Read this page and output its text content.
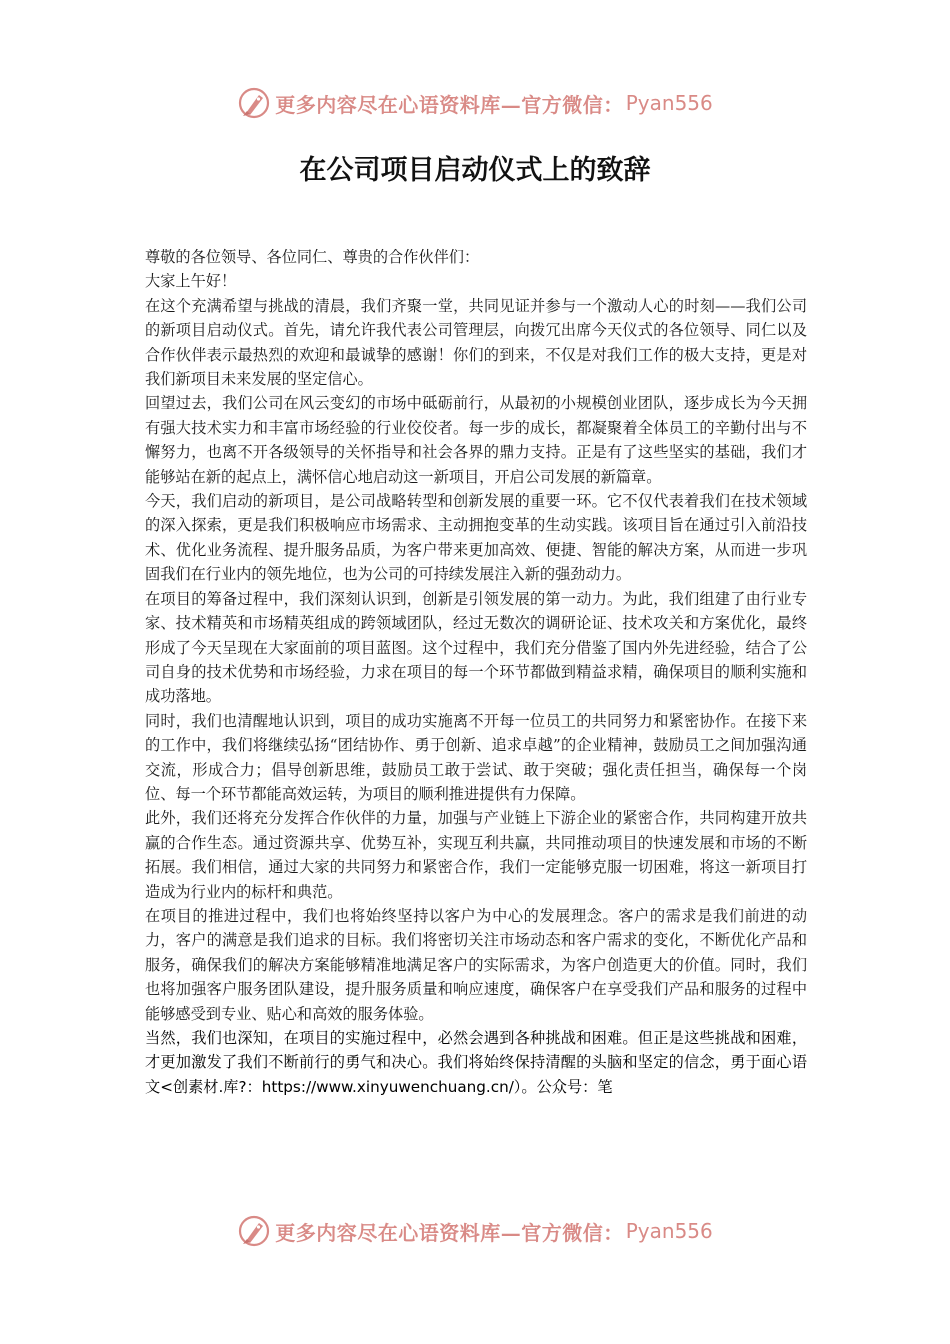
更多内容尽在心语资料库—官方微信： Pyan556
在公司项目启动仪式上的致辞

尊敬的各位领导、各位同仁、尊贵的合作伙伴们：

大家上午好！

在这个充满希望与挑战的清晨，我们齐聚一堂，共同见证并参与一个激动人心的时刻——我们公司的新项目启动仪式。首先，请允许我代表公司管理层，向拨冗出席今天仪式的各位领导、同仁以及合作伙伴表示最热烈的欢迎和最诚挚的感谢！你们的到来，不仅是对我们工作的极大支持，更是对我们新项目未来发展的坚定信心。

回望过去，我们公司在风云变幻的市场中砥砺前行，从最初的小规模创业团队，逐步成长为今天拥有强大技术实力和丰富市场经验的行业佼佼者。每一步的成长，都凝聚着全体员工的辛勤付出与不懈努力，也离不开各级领导的关怀指导和社会各界的鼎力支持。正是有了这些坚实的基础，我们才能够站在新的起点上，满怀信心地启动这一新项目，开启公司发展的新篇章。

今天，我们启动的新项目，是公司战略转型和创新发展的重要一环。它不仅代表着我们在技术领域的深入探索，更是我们积极响应市场需求、主动拥抱变革的生动实践。该项目旨在通过引入前沿技术、优化业务流程、提升服务品质，为客户带来更加高效、便捷、智能的解决方案，从而进一步巩固我们在行业内的领先地位，也为公司的可持续发展注入新的强劲动力。

在项目的筹备过程中，我们深刻认识到，创新是引领发展的第一动力。为此，我们组建了由行业专家、技术精英和市场精英组成的跨领域团队，经过无数次的调研论证、技术攻关和方案优化，最终形成了今天呈现在大家面前的项目蓝图。这个过程中，我们充分借鉴了国内外先进经验，结合了公司自身的技术优势和市场经验，力求在项目的每一个环节都做到精益求精，确保项目的顺利实施和成功落地。

同时，我们也清醒地认识到，项目的成功实施离不开每一位员工的共同努力和紧密协作。在接下来的工作中，我们将继续弘扬“团结协作、勇于创新、追求卓越”的企业精神，鼓励员工之间加强沟通交流，形成合力；倡导创新思维，鼓励员工敢于尝试、敢于突破；强化责任担当，确保每一个岗位、每一个环节都能高效运转，为项目的顺利推进提供有力保障。

此外，我们还将充分发挥合作伙伴的力量，加强与产业链上下游企业的紧密合作，共同构建开放共赢的合作生态。通过资源共享、优势互补，实现互利共赢，共同推动项目的快速发展和市场的不断拓展。我们相信，通过大家的共同努力和紧密合作，我们一定能够克服一切困难，将这一新项目打造成为行业内的标杆和典范。

在项目的推进过程中，我们也将始终坚持以客户为中心的发展理念。客户的需求是我们前进的动力，客户的满意是我们追求的目标。我们将密切关注市场动态和客户需求的变化，不断优化产品和服务，确保我们的解决方案能够精准地满足客户的实际需求，为客户创造更大的价值。同时，我们也将加强客户服务团队建设，提升服务质量和响应速度，确保客户在享受我们产品和服务的过程中能够感受到专业、贴心和高效的服务体验。

当然，我们也深知，在项目的实施过程中，必然会遇到各种挑战和困难。但正是这些挑战和困难，才更加激发了我们不断前行的勇气和决心。我们将始终保持清醒的头脑和坚定的信念，勇于面心语文<创素材.库?：https://www.xinyuwenchuang.cn/）。公众号：笔

更多内容尽在心语资料库—官方微信： Pyan556
